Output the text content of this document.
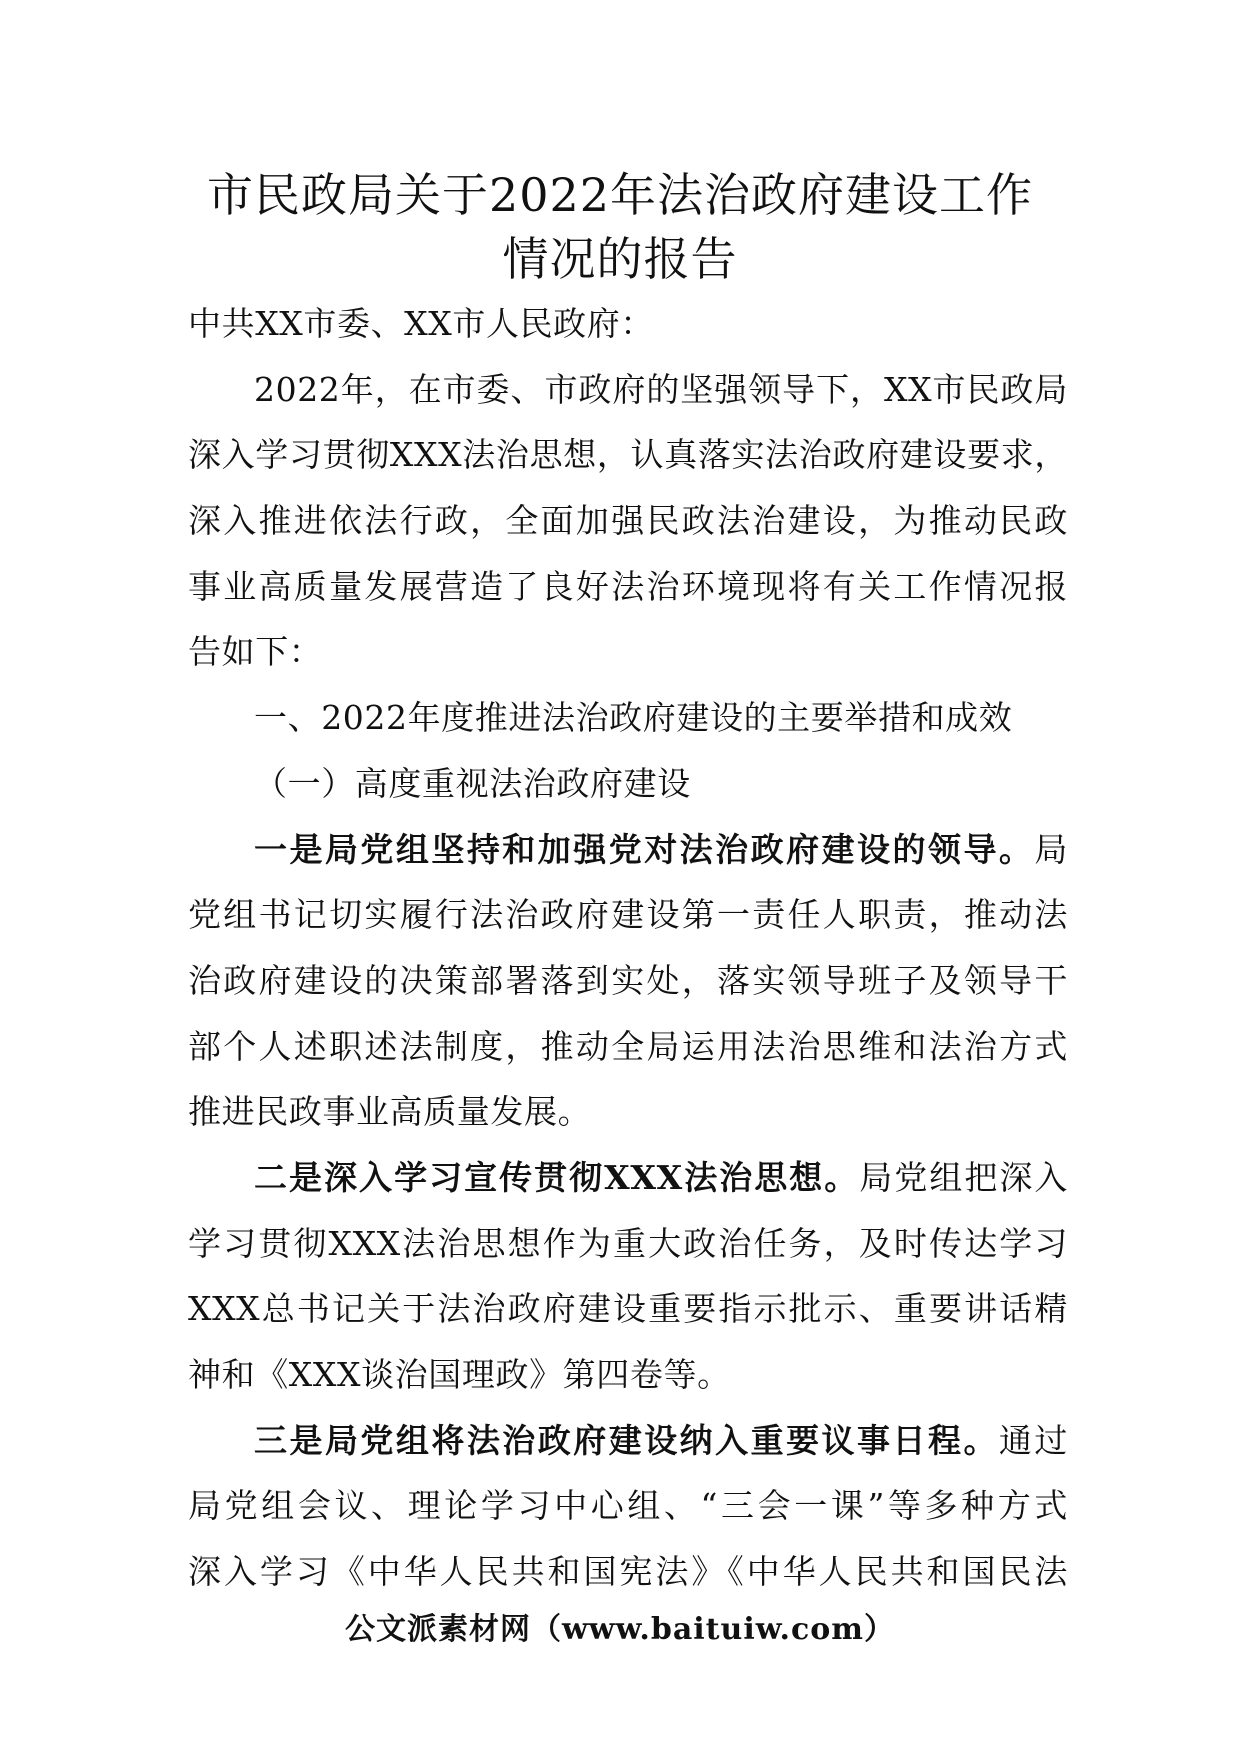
市民政局关于2022年法治政府建设工作
情况的报告
中共XX市委、XX市人民政府：
2022年，在市委、市政府的坚强领导下，XX市民政局
深入学习贯彻XXX法治思想，认真落实法治政府建设要求，
深入推进依法行政，全面加强民政法治建设，为推动民政
事业高质量发展营造了良好法治环境现将有关工作情况报
告如下：
一、2022年度推进法治政府建设的主要举措和成效
（一）高度重视法治政府建设
一是局党组坚持和加强党对法治政府建设的领导。局
党组书记切实履行法治政府建设第一责任人职责，推动法
治政府建设的决策部署落到实处，落实领导班子及领导干
部个人述职述法制度，推动全局运用法治思维和法治方式
推进民政事业高质量发展。
二是深入学习宣传贯彻XXX法治思想。局党组把深入
学习贯彻XXX法治思想作为重大政治任务，及时传达学习
XXX总书记关于法治政府建设重要指示批示、重要讲话精
神和《XXX谈治国理政》第四卷等。
三是局党组将法治政府建设纳入重要议事日程。通过
局党组会议、理论学习中心组、“三会一课”等多种方式
深入学习《中华人民共和国宪法》《中华人民共和国民法
公文派素材网（www.baituiw.com）
